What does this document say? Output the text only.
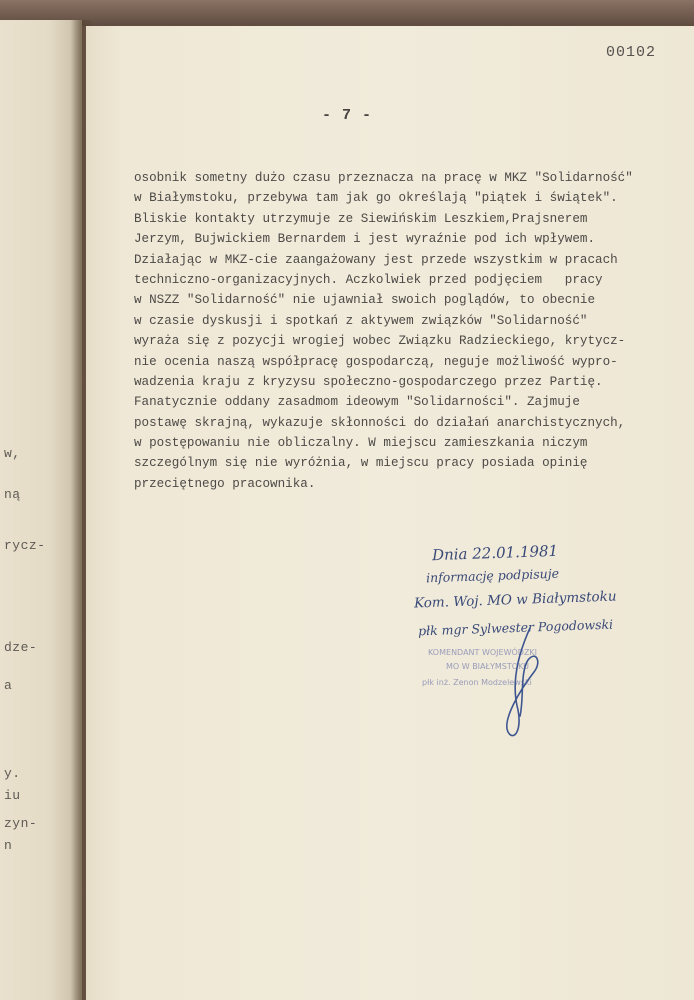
w,
ną
rycz-
dze-
a
y.
iu
zyn-
n
00102
- 7 -
osobnik sometny dużo czasu przeznacza na pracę w MKZ "Solidarność"
w Białymstoku, przebywa tam jak go określają "piątek i świątek".
Bliskie kontakty utrzymuje ze Siewińskim Leszkiem,Prajsnerem
Jerzym, Bujwickiem Bernardem i jest wyraźnie pod ich wpływem.
Działając w MKZ-cie zaangażowany jest przede wszystkim w pracach
techniczno-organizacyjnych. Aczkolwiek przed podjęciem   pracy
w NSZZ "Solidarność" nie ujawniał swoich poglądów, to obecnie
w czasie dyskusji i spotkań z aktywem związków "Solidarność"
wyraża się z pozycji wrogiej wobec Związku Radzieckiego, krytycz-
nie ocenia naszą współpracę gospodarczą, neguje możliwość wypro-
wadzenia kraju z kryzysu społeczno-gospodarczego przez Partię.
Fanatycznie oddany zasadmom ideowym "Solidarności". Zajmuje
postawę skrajną, wykazuje skłonności do działań anarchistycznych,
w postępowaniu nie obliczalny. W miejscu zamieszkania niczym
szczególnym się nie wyróżnia, w miejscu pracy posiada opinię
przeciętnego pracownika.
KOMENDANT WOJEWÓDZKI
MO W BIAŁYMSTOKU
płk inż. Zenon Modzelewski
Dnia 22.01.1981
informację podpisuje
Kom. Woj. MO w Białymstoku
płk mgr Sylwester Pogodowski
